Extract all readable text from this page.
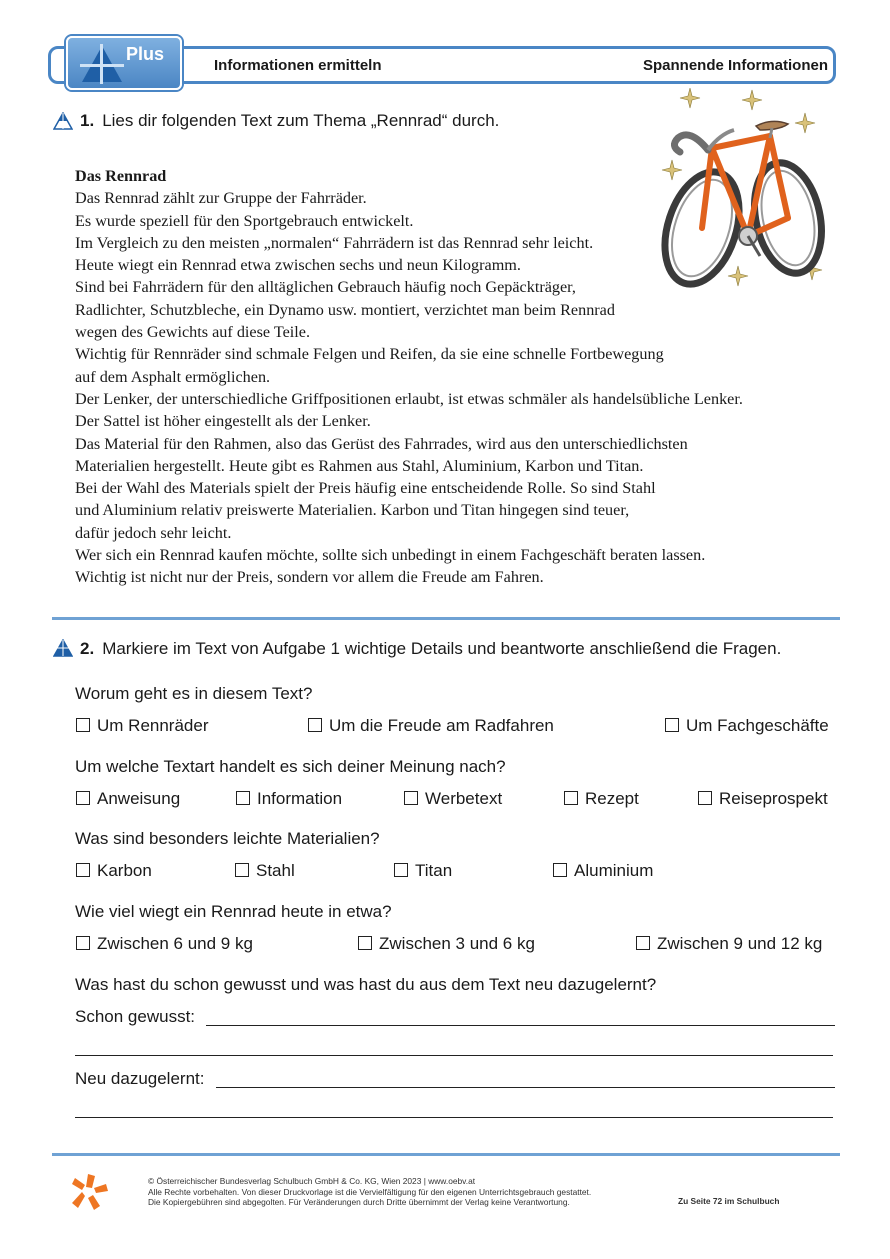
Plus
Informationen ermitteln	Spannende Informationen
1. Lies dir folgenden Text zum Thema „Rennrad“ durch.
Das Rennrad
Das Rennrad zählt zur Gruppe der Fahrräder.
Es wurde speziell für den Sportgebrauch entwickelt.
Im Vergleich zu den meisten „normalen“ Fahrrädern ist das Rennrad sehr leicht.
Heute wiegt ein Rennrad etwa zwischen sechs und neun Kilogramm.
Sind bei Fahrrädern für den alltäglichen Gebrauch häufig noch Gepäckträger,
Radlichter, Schutzbleche, ein Dynamo usw. montiert, verzichtet man beim Rennrad
wegen des Gewichts auf diese Teile.
Wichtig für Rennräder sind schmale Felgen und Reifen, da sie eine schnelle Fortbewegung
auf dem Asphalt ermöglichen.
Der Lenker, der unterschiedliche Griffpositionen erlaubt, ist etwas schmäler als handelsübliche Lenker.
Der Sattel ist höher eingestellt als der Lenker.
Das Material für den Rahmen, also das Gerüst des Fahrrades, wird aus den unterschiedlichsten
Materialien hergestellt. Heute gibt es Rahmen aus Stahl, Aluminium, Karbon und Titan.
Bei der Wahl des Materials spielt der Preis häufig eine entscheidende Rolle. So sind Stahl
und Aluminium relativ preiswerte Materialien. Karbon und Titan hingegen sind teuer,
dafür jedoch sehr leicht.
Wer sich ein Rennrad kaufen möchte, sollte sich unbedingt in einem Fachgeschäft beraten lassen.
Wichtig ist nicht nur der Preis, sondern vor allem die Freude am Fahren.
2. Markiere im Text von Aufgabe 1 wichtige Details und beantworte anschließend die Fragen.
Worum geht es in diesem Text?
Um Rennräder	Um die Freude am Radfahren	Um Fachgeschäfte
Um welche Textart handelt es sich deiner Meinung nach?
Anweisung	Information	Werbetext	Rezept	Reiseprospekt
Was sind besonders leichte Materialien?
Karbon	Stahl	Titan	Aluminium
Wie viel wiegt ein Rennrad heute in etwa?
Zwischen 6 und 9 kg	Zwischen 3 und 6 kg	Zwischen 9 und 12 kg
Was hast du schon gewusst und was hast du aus dem Text neu dazugelernt?
Schon gewusst:
Neu dazugelernt:
© Österreichischer Bundesverlag Schulbuch GmbH & Co. KG, Wien 2023 | www.oebv.at
Alle Rechte vorbehalten. Von dieser Druckvorlage ist die Vervielfältigung für den eigenen Unterrichtsgebrauch gestattet.
Die Kopiergebühren sind abgegolten. Für Veränderungen durch Dritte übernimmt der Verlag keine Verantwortung.	Zu Seite 72 im Schulbuch
